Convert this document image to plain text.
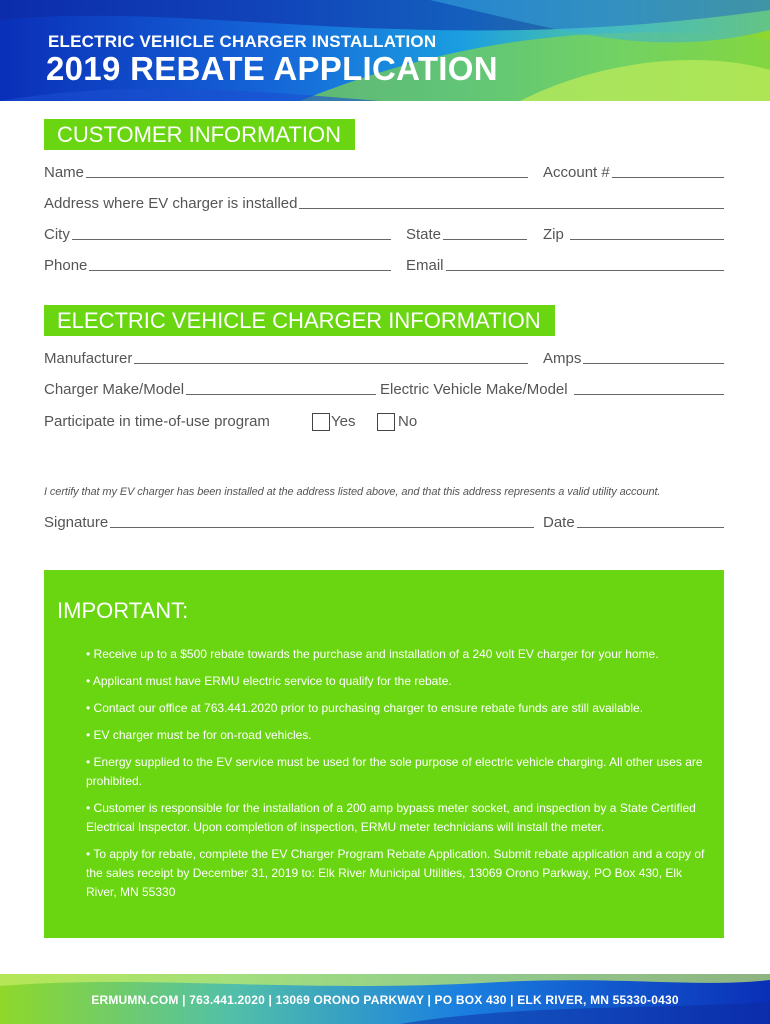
ELECTRIC VEHICLE CHARGER INSTALLATION
2019 REBATE APPLICATION
CUSTOMER INFORMATION
Name	Account #
Address where EV charger is installed
City	State	Zip
Phone	Email
ELECTRIC VEHICLE CHARGER INFORMATION
Manufacturer	Amps
Charger Make/Model	Electric Vehicle Make/Model
Participate in time-of-use program	Yes	No
I certify that my EV charger has been installed at the address listed above, and that this address represents a valid utility account.
Signature	Date
IMPORTANT:
• Receive up to a $500 rebate towards the purchase and installation of a 240 volt EV charger for your home.
• Applicant must have ERMU electric service to qualify for the rebate.
• Contact our office at 763.441.2020 prior to purchasing charger to ensure rebate funds are still available.
• EV charger must be for on-road vehicles.
• Energy supplied to the EV service must be used for the sole purpose of electric vehicle charging. All other uses are prohibited.
• Customer is responsible for the installation of a 200 amp bypass meter socket, and inspection by a State Certified Electrical Inspector. Upon completion of inspection, ERMU meter technicians will install the meter.
• To apply for rebate, complete the EV Charger Program Rebate Application. Submit rebate application and a copy of the sales receipt by December 31, 2019 to: Elk River Municipal Utilities, 13069 Orono Parkway, PO Box 430, Elk River, MN 55330
ERMUMN.COM | 763.441.2020 | 13069 ORONO PARKWAY | PO BOX 430 | ELK RIVER, MN 55330-0430
